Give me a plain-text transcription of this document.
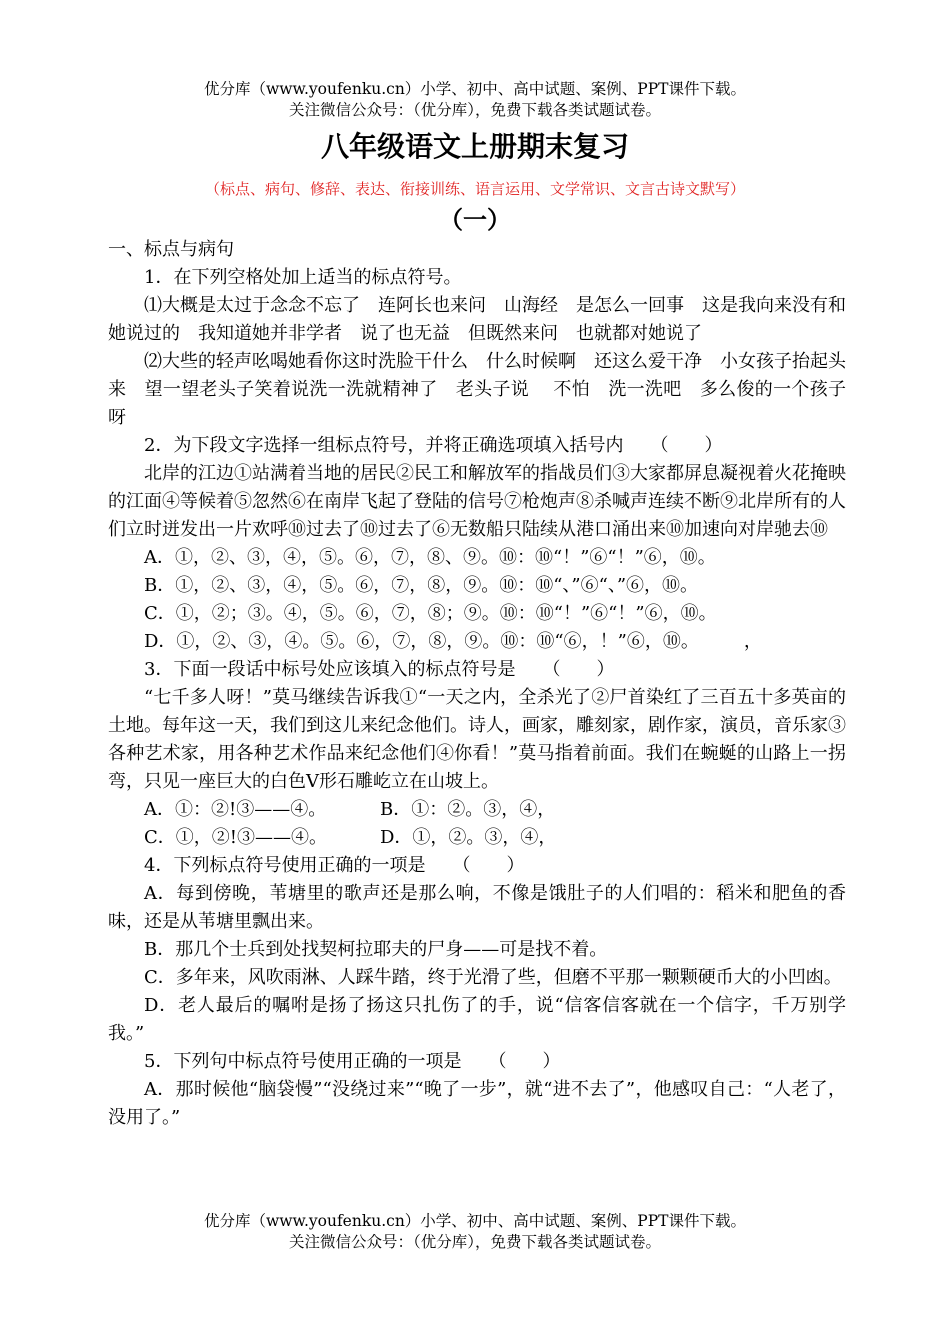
优分库（www.youfenku.cn）小学、初中、高中试题、案例、PPT课件下载。
关注微信公众号：（优分库），免费下载各类试题试卷。
八年级语文上册期末复习
（标点、病句、修辞、表达、衔接训练、语言运用、文学常识、文言古诗文默写）
（一）

一、标点与病句

1．在下列空格处加上适当的标点符号。

⑴大概是太过于念念不忘了　连阿长也来问　山海经　是怎么一回事　这是我向来没有和她说过的　我知道她并非学者　说了也无益　但既然来问　也就都对她说了

⑵大些的轻声吆喝她看你这时洗脸干什么　什么时候啊　还这么爱干净　小女孩子抬起头来　望一望老头子笑着说洗一洗就精神了　老头子说　 不怕　洗一洗吧　多么俊的一个孩子呀

2．为下段文字选择一组标点符号，并将正确选项填入括号内　　（　　）

北岸的江边①站满着当地的居民②民工和解放军的指战员们③大家都屏息凝视着火花掩映的江面④等候着⑤忽然⑥在南岸飞起了登陆的信号⑦枪炮声⑧杀喊声连续不断⑨北岸所有的人们立时迸发出一片欢呼⑩过去了⑩过去了⑥无数船只陆续从港口涌出来⑩加速向对岸驰去⑩

A．①，②、③，④，⑤。⑥，⑦，⑧、⑨。⑩：⑩“！”⑥“！”⑥，⑩。

B．①，②、③，④，⑤。⑥，⑦，⑧，⑨。⑩：⑩“、”⑥“、”⑥，⑩。

C．①，②；③。④，⑤。⑥，⑦，⑧；⑨。⑩：⑩“！”⑥“！”⑥，⑩。

D．①，②、③，④。⑤。⑥，⑦，⑧，⑨。⑩：⑩“⑥，！”⑥，⑩。　　　，

3．下面一段话中标号处应该填入的标点符号是　　（　　）

“七千多人呀！”莫马继续告诉我①“一天之内，全杀光了②尸首染红了三百五十多英亩的土地。每年这一天，我们到这儿来纪念他们。诗人，画家，雕刻家，剧作家，演员，音乐家③各种艺术家，用各种艺术作品来纪念他们④你看！”莫马指着前面。我们在蜿蜒的山路上一拐弯，只见一座巨大的白色Ⅴ形石雕屹立在山坡上。

A．①：②!③——④。	B．①：②。③，④，
C．①，②!③——④。	D．①，②。③，④，

4．下列标点符号使用正确的一项是　　（　　）

A．每到傍晚，苇塘里的歌声还是那么响，不像是饿肚子的人们唱的：稻米和肥鱼的香味，还是从苇塘里飘出来。

B．那几个士兵到处找契柯拉耶夫的尸身——可是找不着。

C．多年来，风吹雨淋、人踩牛踏，终于光滑了些，但磨不平那一颗颗硬币大的小凹凼。

D．老人最后的嘱咐是扬了扬这只扎伤了的手，说“信客信客就在一个信字，千万别学我。”

5．下列句中标点符号使用正确的一项是　　（　　）

A．那时候他“脑袋慢”“没绕过来”“晚了一步”，就“进不去了”，他感叹自己：“人老了，没用了。”

优分库（www.youfenku.cn）小学、初中、高中试题、案例、PPT课件下载。
关注微信公众号：（优分库），免费下载各类试题试卷。
